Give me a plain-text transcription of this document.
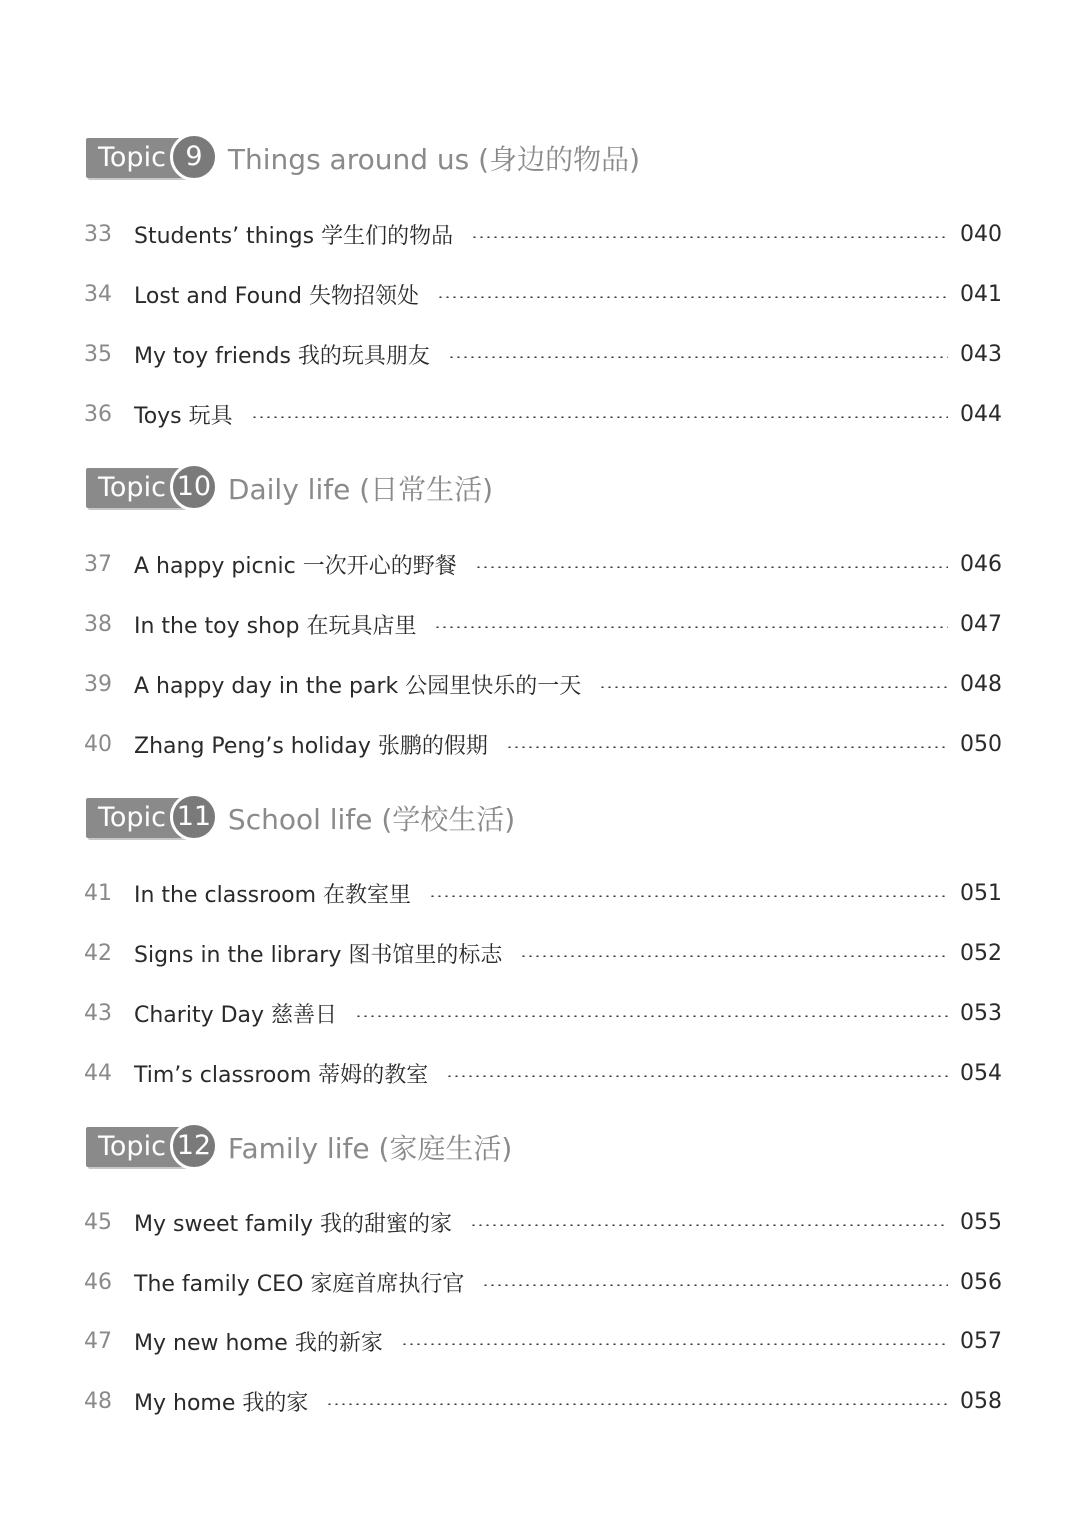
Topic 9 Things around us (身边的物品)
33	Students’ things 学生们的物品	040
34	Lost and Found 失物招领处	041
35	My toy friends 我的玩具朋友	043
36	Toys 玩具	044
Topic 10 Daily life (日常生活)
37	A happy picnic 一次开心的野餐	046
38	In the toy shop 在玩具店里	047
39	A happy day in the park 公园里快乐的一天	048
40	Zhang Peng’s holiday 张鹏的假期	050
Topic 11 School life (学校生活)
41	In the classroom 在教室里	051
42	Signs in the library 图书馆里的标志	052
43	Charity Day 慈善日	053
44	Tim’s classroom 蒂姆的教室	054
Topic 12 Family life (家庭生活)
45	My sweet family 我的甜蜜的家	055
46	The family CEO 家庭首席执行官	056
47	My new home 我的新家	057
48	My home 我的家	058
